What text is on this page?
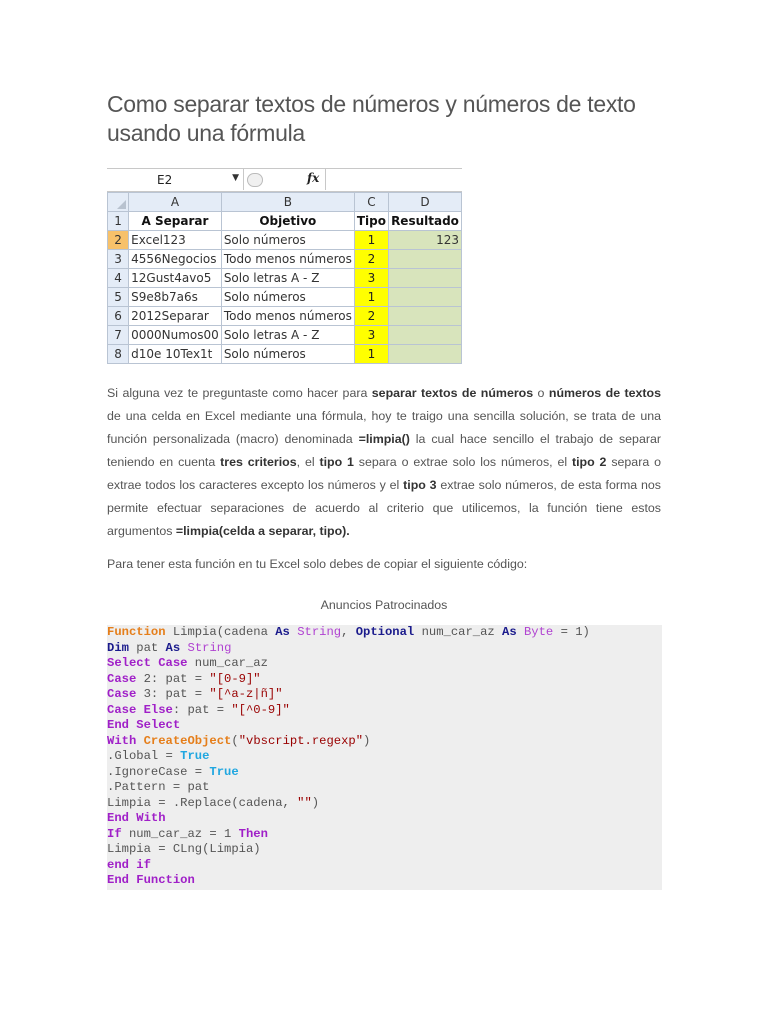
Como separar textos de números y números de texto usando una fórmula
E2	▼	fx
	A	B	C	D
1	A Separar	Objetivo	Tipo	Resultado
2	Excel123	Solo números	1	123
3	4556Negocios	Todo menos números	2	
4	12Gust4avo5	Solo letras A - Z	3	
5	S9e8b7a6s	Solo números	1	
6	2012Separar	Todo menos números	2	
7	0000Numos00	Solo letras A - Z	3	
8	d10e 10Tex1t	Solo números	1	

Si alguna vez te preguntaste como hacer para separar textos de números o números de textos de una celda en Excel mediante una fórmula, hoy te traigo una sencilla solución, se trata de una función personalizada (macro) denominada =limpia() la cual hace sencillo el trabajo de separar teniendo en cuenta tres criterios, el tipo 1 separa o extrae solo los números, el tipo 2 separa o extrae todos los caracteres excepto los números y el tipo 3 extrae solo números, de esta forma nos permite efectuar separaciones de acuerdo al criterio que utilicemos, la función tiene estos argumentos =limpia(celda a separar, tipo).

Para tener esta función en tu Excel solo debes de copiar el siguiente código:

Anuncios Patrocinados

Function Limpia(cadena As String, Optional num_car_az As Byte = 1)
Dim pat As String
Select Case num_car_az
Case 2: pat = "[0-9]"
Case 3: pat = "[^a-z|ñ]"
Case Else: pat = "[^0-9]"
End Select
With CreateObject("vbscript.regexp")
.Global = True
.IgnoreCase = True
.Pattern = pat
Limpia = .Replace(cadena, "")
End With
If num_car_az = 1 Then
Limpia = CLng(Limpia)
end if
End Function
